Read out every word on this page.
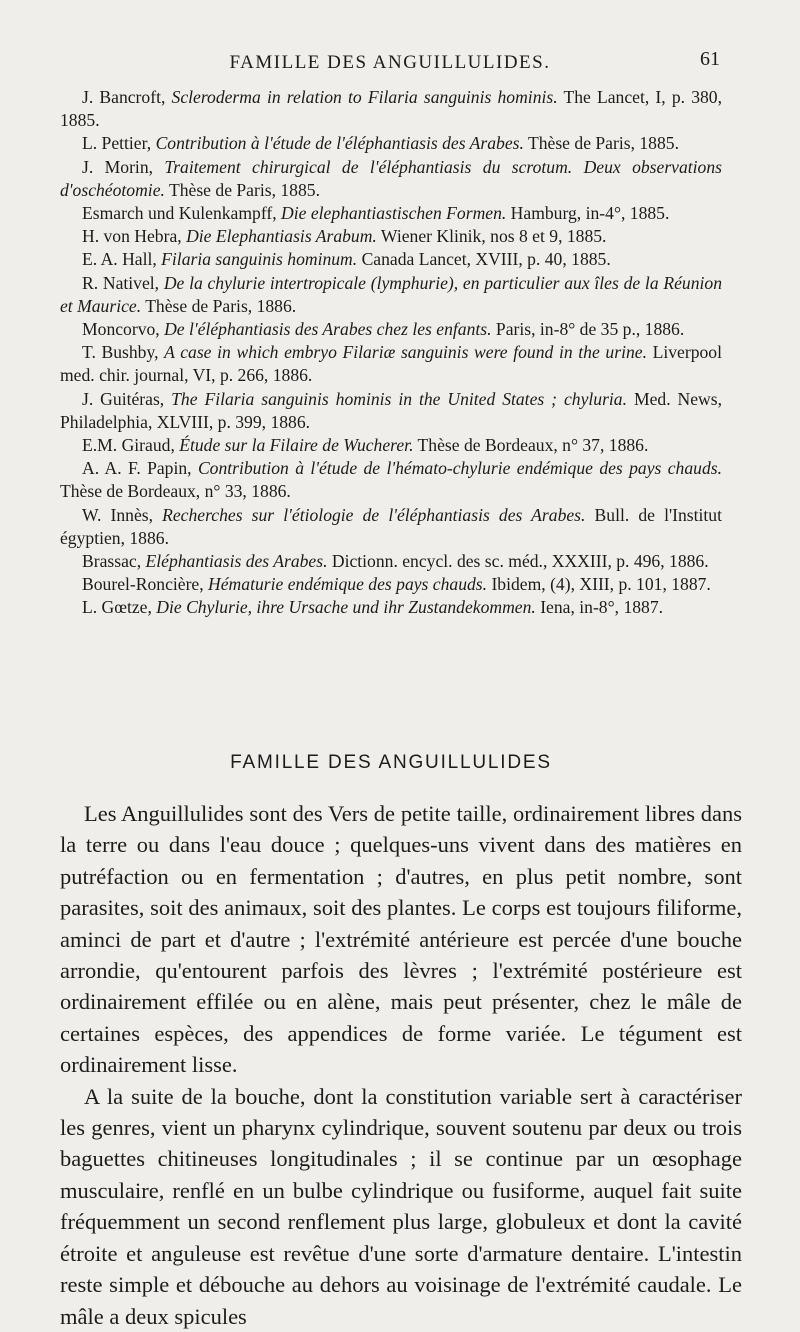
FAMILLE DES ANGUILLULIDES.	61

J. Bancroft, Scleroderma in relation to Filaria sanguinis hominis. The Lancet, I, p. 380, 1885.

L. Pettier, Contribution à l'étude de l'éléphantiasis des Arabes. Thèse de Paris, 1885.

J. Morin, Traitement chirurgical de l'éléphantiasis du scrotum. Deux observations d'oschéotomie. Thèse de Paris, 1885.

Esmarch und Kulenkampff, Die elephantiastischen Formen. Hamburg, in-4°, 1885.

H. von Hebra, Die Elephantiasis Arabum. Wiener Klinik, nos 8 et 9, 1885.

E. A. Hall, Filaria sanguinis hominum. Canada Lancet, XVIII, p. 40, 1885.

R. Nativel, De la chylurie intertropicale (lymphurie), en particulier aux îles de la Réunion et Maurice. Thèse de Paris, 1886.

Moncorvo, De l'éléphantiasis des Arabes chez les enfants. Paris, in-8° de 35 p., 1886.

T. Bushby, A case in which embryo Filariæ sanguinis were found in the urine. Liverpool med. chir. journal, VI, p. 266, 1886.

J. Guitéras, The Filaria sanguinis hominis in the United States ; chyluria. Med. News, Philadelphia, XLVIII, p. 399, 1886.

E.M. Giraud, Étude sur la Filaire de Wucherer. Thèse de Bordeaux, n° 37, 1886.

A. A. F. Papin, Contribution à l'étude de l'hémato-chylurie endémique des pays chauds. Thèse de Bordeaux, n° 33, 1886.

W. Innès, Recherches sur l'étiologie de l'éléphantiasis des Arabes. Bull. de l'Institut égyptien, 1886.

Brassac, Eléphantiasis des Arabes. Dictionn. encycl. des sc. méd., XXXIII, p. 496, 1886.

Bourel-Roncière, Hématurie endémique des pays chauds. Ibidem, (4), XIII, p. 101, 1887.

L. Gœtze, Die Chylurie, ihre Ursache und ihr Zustandekommen. Iena, in-8°, 1887.

FAMILLE DES ANGUILLULIDES

Les Anguillulides sont des Vers de petite taille, ordinairement libres dans la terre ou dans l'eau douce ; quelques-uns vivent dans des matières en putréfaction ou en fermentation ; d'autres, en plus petit nombre, sont parasites, soit des animaux, soit des plantes. Le corps est toujours filiforme, aminci de part et d'autre ; l'extrémité antérieure est percée d'une bouche arrondie, qu'entourent parfois des lèvres ; l'extrémité postérieure est ordinairement effilée ou en alène, mais peut présenter, chez le mâle de certaines espèces, des appendices de forme variée. Le tégument est ordinairement lisse.

A la suite de la bouche, dont la constitution variable sert à caractériser les genres, vient un pharynx cylindrique, souvent soutenu par deux ou trois baguettes chitineuses longitudinales ; il se continue par un œsophage musculaire, renflé en un bulbe cylindrique ou fusiforme, auquel fait suite fréquemment un second renflement plus large, globuleux et dont la cavité étroite et anguleuse est revêtue d'une sorte d'armature dentaire. L'intestin reste simple et débouche au dehors au voisinage de l'extrémité caudale. Le mâle a deux spicules
